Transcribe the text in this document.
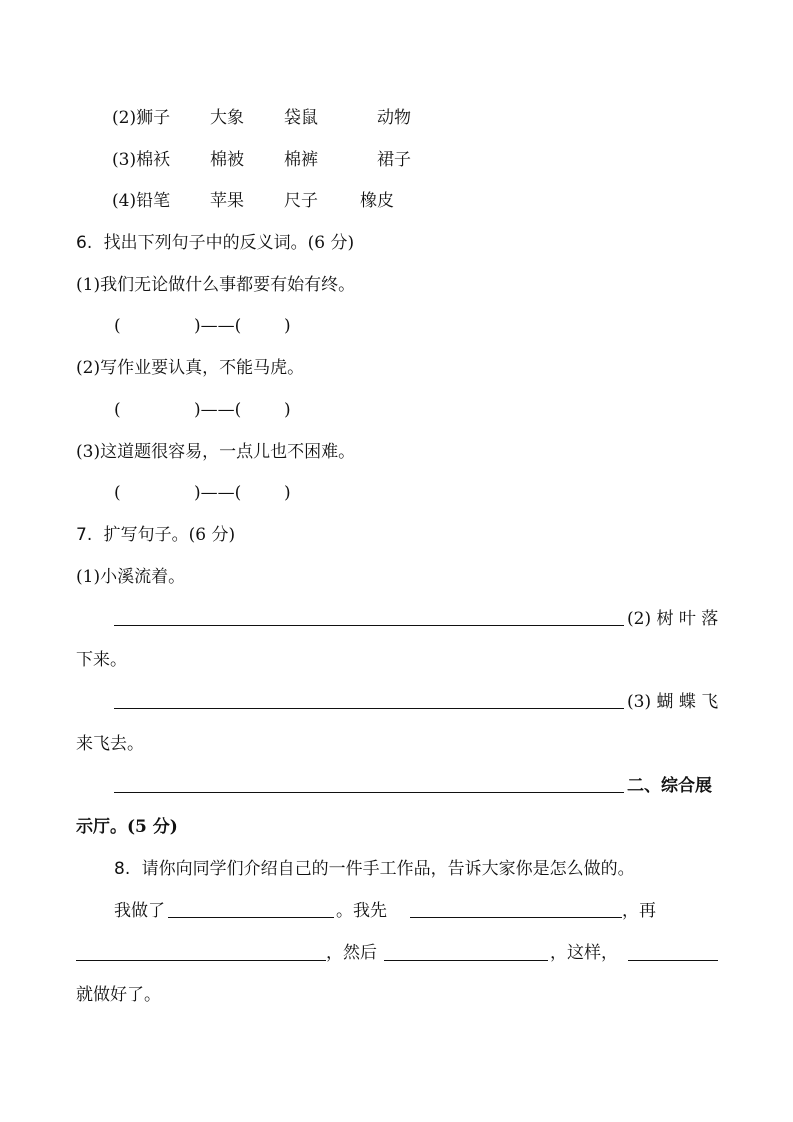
(2)狮子	大象 袋鼠	动物
(3)棉袄 棉被 棉裤	裙子
(4)铅笔 苹果 尺子 橡皮
6. 找出下列句子中的反义词。(6 分)
(1)我们无论做什么事都要有始有终。
(	)——(	)
(2)写作业要认真，不能马虎。
(	)——(	)
(3)这道题很容易，一点儿也不困难。
(	)——(	)
7. 扩写句子。(6 分)
(1)小溪流着。
(2) 树 叶 落
下来。
(3) 蝴 蝶 飞
来飞去。
二、综合展
示厅。(5 分)
8. 请你向同学们介绍自己的一件手工作品，告诉大家你是怎么做的。
我做了	。我先	，再
，然后	，这样，
就做好了。
